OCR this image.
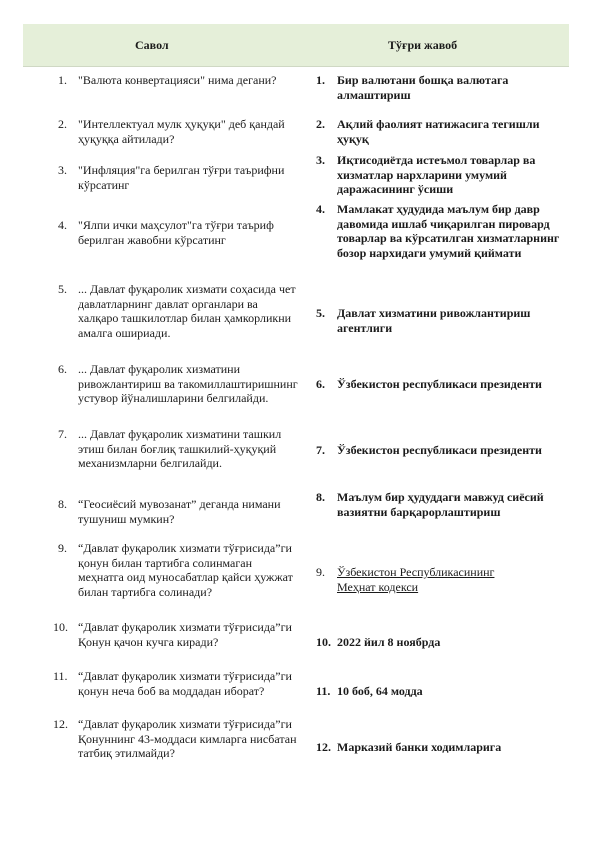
Савол	Тўғри жавоб
1. "Валюта конвертацияси" нима дегани?
2. "Интеллектуал мулк ҳуқуқи" деб қандай ҳуқуққа айтилади?
3. "Инфляция"га берилган тўғри таърифни кўрсатинг
4. "Ялпи ички маҳсулот"га тўғри таъриф берилган жавобни кўрсатинг
5. ... Давлат фуқаролик хизмати соҳасида чет давлатларнинг давлат органлари ва халқаро ташкилотлар билан ҳамкорликни амалга ошириади.
6. ... Давлат фуқаролик хизматини ривожлантириш ва такомиллаштиришнинг устувор йўналишларини белгилайди.
7. ... Давлат фуқаролик хизматини ташкил этиш билан боғлиқ ташкилий-ҳуқуқий механизмларни белгилайди.
8. “Геосиёсий мувозанат” деганда нимани тушуниш мумкин?
9. “Давлат фуқаролик хизмати тўғрисида”ги қонун билан тартибга солинмаган меҳнатга оид муносабатлар қайси ҳужжат билан тартибга солинади?
10. “Давлат фуқаролик хизмати тўғрисида”ги Қонун қачон кучга киради?
11. “Давлат фуқаролик хизмати тўғрисида”ги қонун неча боб ва моддадан иборат?
12. “Давлат фуқаролик хизмати тўғрисида”ги Қонуннинг 43-моддаси кимларга нисбатан татбиқ этилмайди?
1. Бир валютани бошқа валютага алмаштириш
2. Ақлий фаолият натижасига тегишли ҳуқуқ
3. Иқтисодиётда истеъмол товарлар ва хизматлар нархларини умумий даражасининг ўсиши
4. Мамлакат ҳудудида маълум бир давр давомида ишлаб чиқарилган пировард товарлар ва кўрсатилган хизматларнинг бозор нархидаги умумий қиймати
5. Давлат хизматини ривожлантириш агентлиги
6. Ўзбекистон республикаси президенти
7. Ўзбекистон республикаси президенти
8. Маълум бир ҳудуддаги мавжуд сиёсий вазиятни барқарорлаштириш
9. Ўзбекистон Республикасининг Меҳнат кодекси
10. 2022 йил 8 ноябрда
11. 10 боб, 64 модда
12. Марказий банки ходимларига
